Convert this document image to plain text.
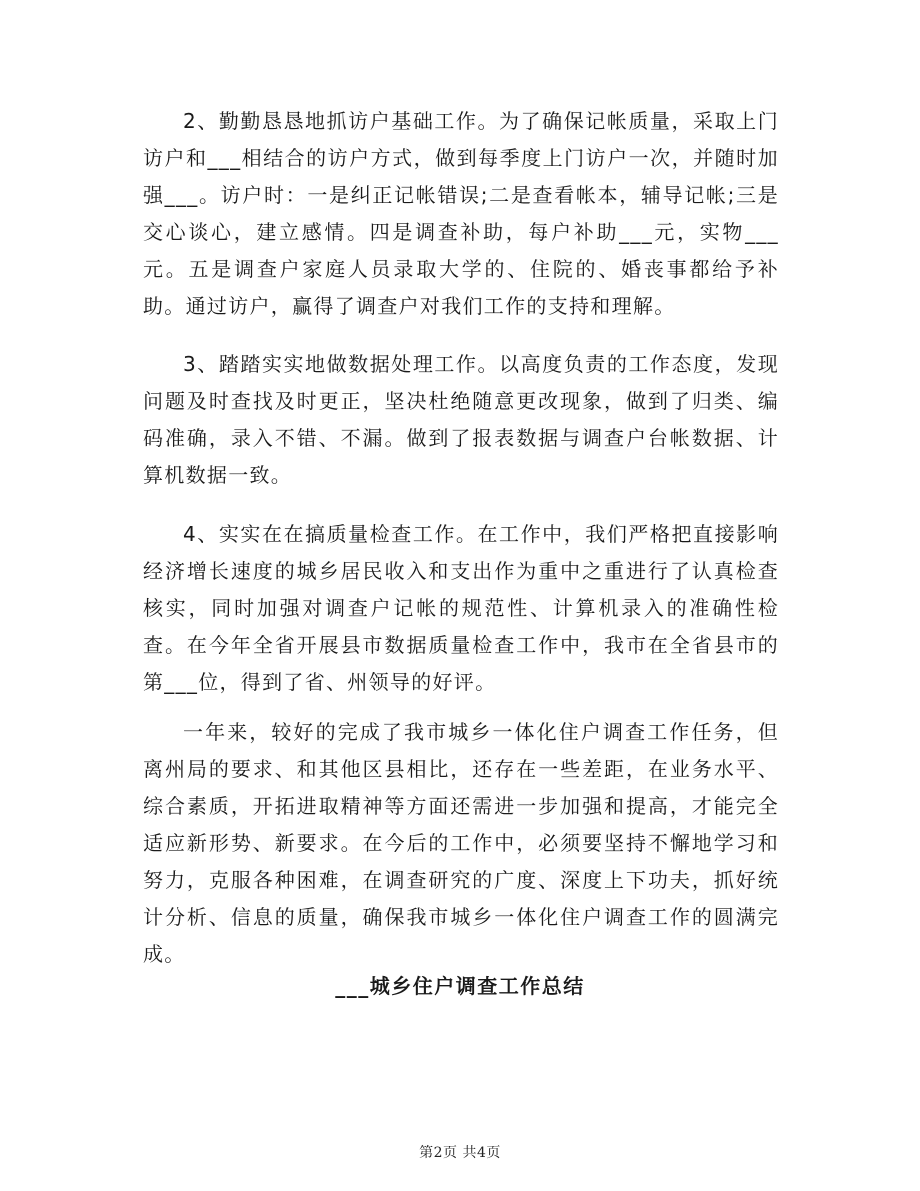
2、勤勤恳恳地抓访户基础工作。为了确保记帐质量，采取上门访户和___相结合的访户方式，做到每季度上门访户一次，并随时加强___。访户时：一是纠正记帐错误;二是查看帐本，辅导记帐;三是交心谈心，建立感情。四是调查补助，每户补助___元，实物___元。五是调查户家庭人员录取大学的、住院的、婚丧事都给予补助。通过访户，赢得了调查户对我们工作的支持和理解。

3、踏踏实实地做数据处理工作。以高度负责的工作态度，发现问题及时查找及时更正，坚决杜绝随意更改现象，做到了归类、编码准确，录入不错、不漏。做到了报表数据与调查户台帐数据、计算机数据一致。

4、实实在在搞质量检查工作。在工作中，我们严格把直接影响经济增长速度的城乡居民收入和支出作为重中之重进行了认真检查核实，同时加强对调查户记帐的规范性、计算机录入的准确性检查。在今年全省开展县市数据质量检查工作中，我市在全省县市的第___位，得到了省、州领导的好评。

一年来，较好的完成了我市城乡一体化住户调查工作任务，但离州局的要求、和其他区县相比，还存在一些差距，在业务水平、综合素质，开拓进取精神等方面还需进一步加强和提高，才能完全适应新形势、新要求。在今后的工作中，必须要坚持不懈地学习和努力，克服各种困难，在调查研究的广度、深度上下功夫，抓好统计分析、信息的质量，确保我市城乡一体化住户调查工作的圆满完成。

___城乡住户调查工作总结
第2页 共4页
